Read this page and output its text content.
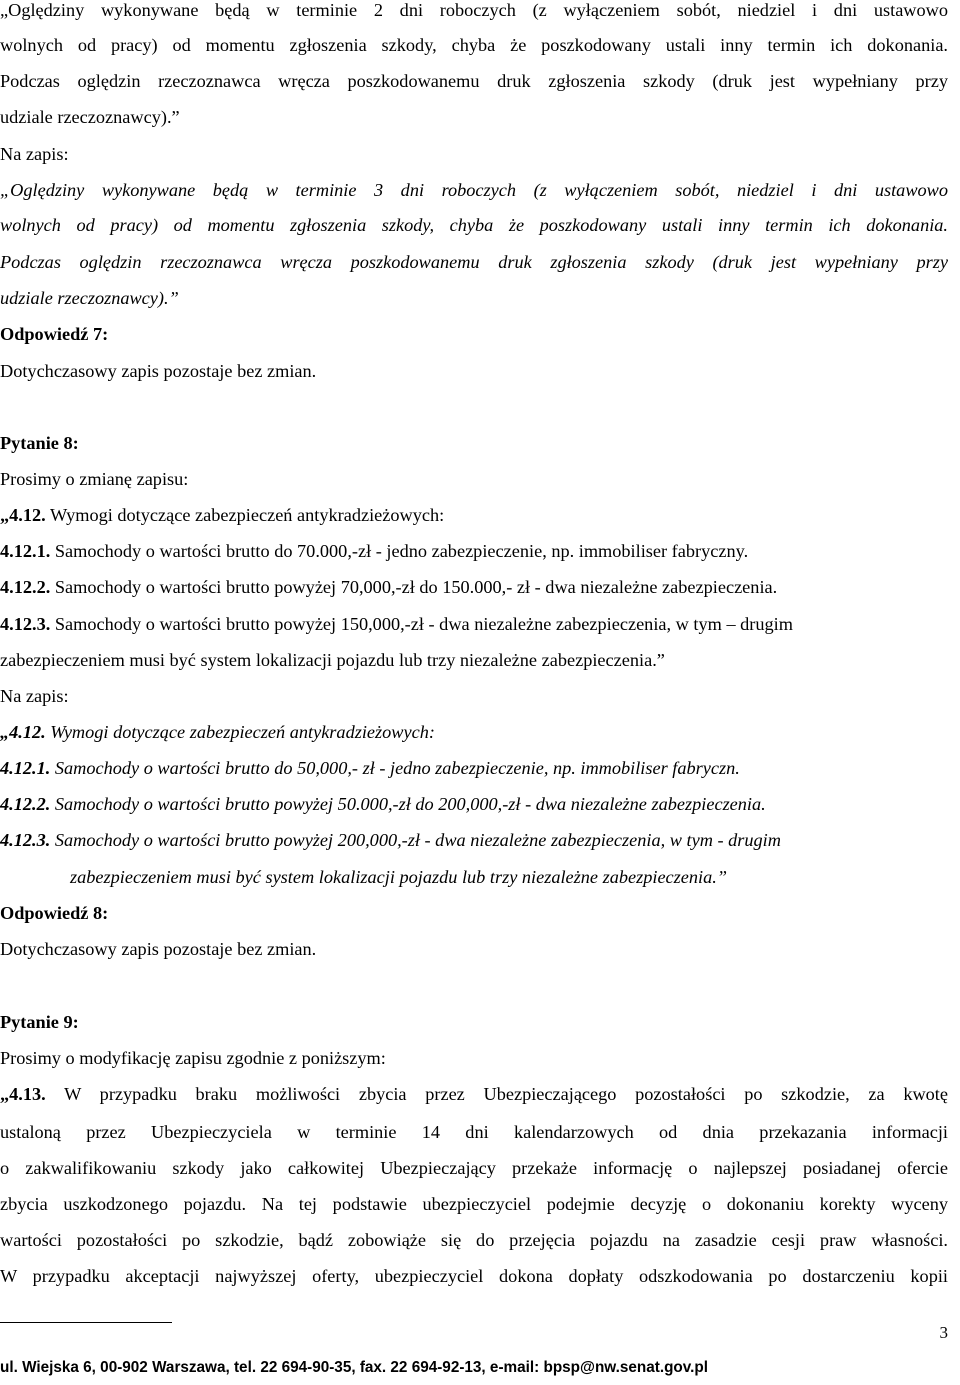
„Oględziny wykonywane będą w terminie 2 dni roboczych (z wyłączeniem sobót, niedziel i dni ustawowo
wolnych od pracy) od momentu zgłoszenia szkody, chyba że poszkodowany ustali inny termin ich dokonania.
Podczas oględzin rzeczoznawca wręcza poszkodowanemu druk zgłoszenia szkody (druk jest wypełniany przy
udziale rzeczoznawcy).”
Na zapis:
„Oględziny wykonywane będą w terminie 3 dni roboczych (z wyłączeniem sobót, niedziel i dni ustawowo
wolnych od pracy) od momentu zgłoszenia szkody, chyba że poszkodowany ustali inny termin ich dokonania.
Podczas oględzin rzeczoznawca wręcza poszkodowanemu druk zgłoszenia szkody (druk jest wypełniany przy
udziale rzeczoznawcy).”
Odpowiedź 7:
Dotychczasowy zapis pozostaje bez zmian.
Pytanie 8:
Prosimy o zmianę zapisu:
„4.12. Wymogi dotyczące zabezpieczeń antykradzieżowych:
4.12.1. Samochody o wartości brutto do 70.000,-zł - jedno zabezpieczenie, np. immobiliser fabryczny.
4.12.2. Samochody o wartości brutto powyżej 70,000,-zł do 150.000,- zł - dwa niezależne zabezpieczenia.
4.12.3. Samochody o wartości brutto powyżej 150,000,-zł - dwa niezależne zabezpieczenia, w tym – drugim
zabezpieczeniem musi być system lokalizacji pojazdu lub trzy niezależne zabezpieczenia.”
Na zapis:
„4.12. Wymogi dotyczące zabezpieczeń antykradzieżowych:
4.12.1. Samochody o wartości brutto do 50,000,- zł - jedno zabezpieczenie, np. immobiliser fabryczn.
4.12.2. Samochody o wartości brutto powyżej 50.000,-zł do 200,000,-zł - dwa niezależne zabezpieczenia.
4.12.3. Samochody o wartości brutto powyżej 200,000,-zł - dwa niezależne zabezpieczenia, w tym - drugim
zabezpieczeniem musi być system lokalizacji pojazdu lub trzy niezależne zabezpieczenia.”
Odpowiedź 8:
Dotychczasowy zapis pozostaje bez zmian.
Pytanie 9:
Prosimy o modyfikację zapisu zgodnie z poniższym:
„4.13. W przypadku braku możliwości zbycia przez Ubezpieczającego pozostałości po szkodzie, za kwotę
ustaloną przez Ubezpieczyciela w terminie 14 dni kalendarzowych od dnia przekazania informacji
o zakwalifikowaniu szkody jako całkowitej Ubezpieczający przekaże informację o najlepszej posiadanej ofercie
zbycia uszkodzonego pojazdu. Na tej podstawie ubezpieczyciel podejmie decyzję o dokonaniu korekty wyceny
wartości pozostałości po szkodzie, bądź zobowiąże się do przejęcia pojazdu na zasadzie cesji praw własności.
W przypadku akceptacji najwyższej oferty, ubezpieczyciel dokona dopłaty odszkodowania po dostarczeniu kopii
3
ul. Wiejska 6, 00-902 Warszawa, tel. 22 694-90-35, fax. 22 694-92-13, e-mail: bpsp@nw.senat.gov.pl
